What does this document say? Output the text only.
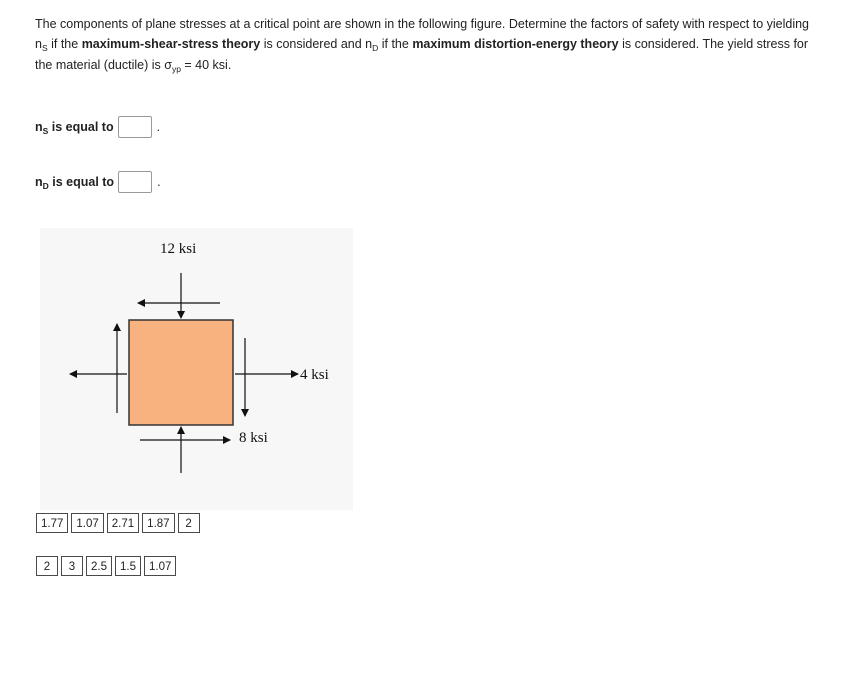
The components of plane stresses at a critical point are shown in the following figure. Determine the factors of safety with respect to yielding
$n_S$ if the maximum-shear-stress theory is considered and $n_D$ if the maximum distortion-energy theory is considered. The yield stress for
the material (ductile) is $\sigma_{yp} = 40$ ksi.
$n_S$ is equal to	.
$n_D$ is equal to	.
12 ksi
4 ksi
8 ksi
1.77	1.07	2.71	1.87	2
2	3	2.5	1.5	1.07
